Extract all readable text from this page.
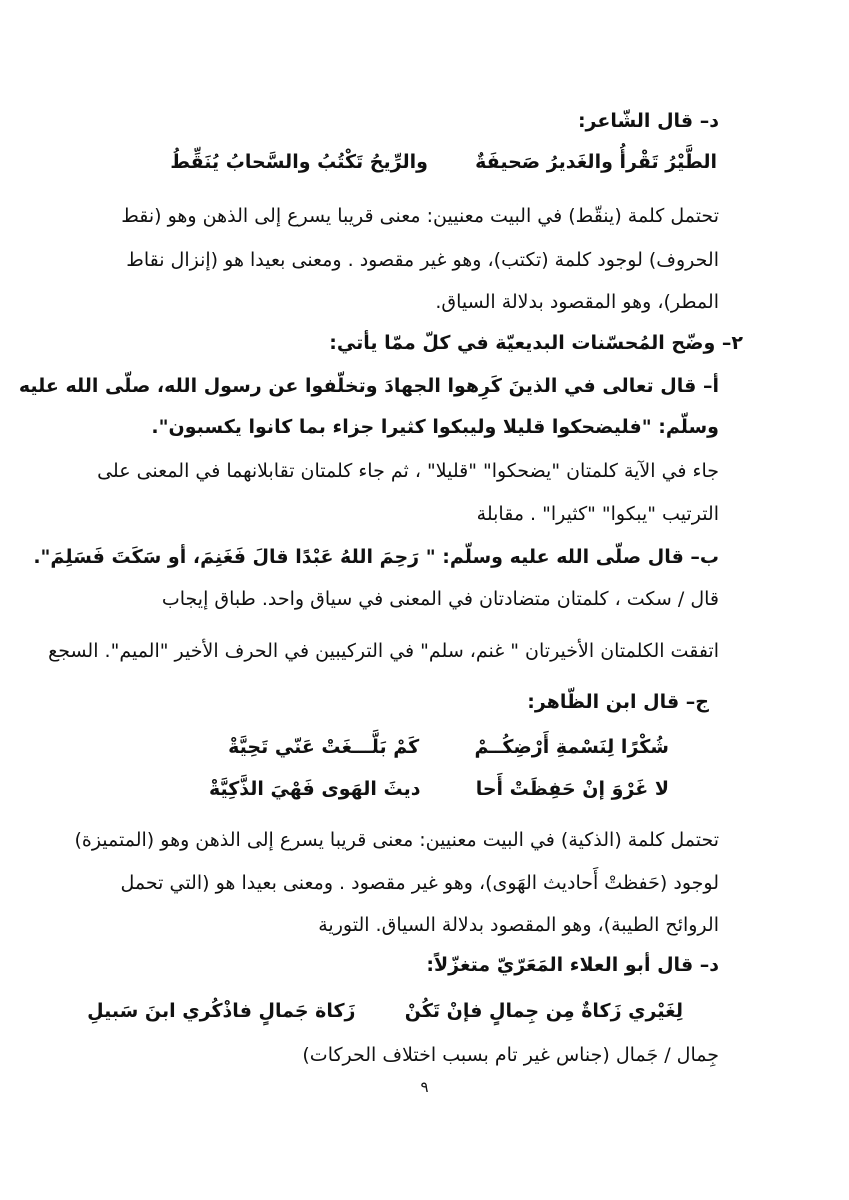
د– قال الشّاعر:
الطَّيْرُ تَقْرأُ والغَديرُ صَحيفَةٌ  والرِّيحُ تَكْتُبُ والسَّحابُ يُنَقِّطُ
تحتمل كلمة (ينقّط) في البيت معنيين: معنى قريبا يسرع إلى الذهن وهو (نقط
الحروف) لوجود كلمة (تكتب)، وهو غير مقصود . ومعنى بعيدا هو (إنزال نقاط
المطر)، وهو المقصود بدلالة السياق.
٢– وضّح المُحسّنات البديعيّة في كلّ ممّا يأتي:
أ– قال تعالى في الذينَ كَرِهوا الجهادَ وتخلّفوا عن رسول الله، صلّى الله عليه
وسلّم: "فليضحكوا قليلا وليبكوا كثيرا جزاء بما كانوا يكسبون".
جاء في الآية كلمتان "يضحكوا" "قليلا" ، ثم جاء كلمتان تقابلانهما في المعنى على
الترتيب "يبكوا" "كثيرا" . مقابلة
ب– قال صلّى الله عليه وسلّم: " رَحِمَ اللهُ عَبْدًا قالَ فَغَنِمَ، أو سَكَتَ فَسَلِمَ".
قال / سكت ، كلمتان متضادتان في المعنى في سياق واحد. طباق إيجاب
اتفقت الكلمتان الأخيرتان " غنم، سلم" في التركيبين في الحرف الأخير "الميم". السجع
ج– قال ابن الظّاهر:
شُكْرًا لِنَسْمةِ أَرْضِكُــمْ  كَمْ بَلَّـــغَتْ عَنّي تَحِيَّةْ
لا غَرْوَ إنْ حَفِظَتْ أَحا  ديثَ الهَوى فَهْيَ الذَّكِيَّةْ
تحتمل كلمة (الذكية) في البيت معنيين: معنى قريبا يسرع إلى الذهن وهو (المتميزة)
لوجود (حَفظتْ أَحاديث الهَوى)، وهو غير مقصود . ومعنى بعيدا هو (التي تحمل
الروائح الطيبة)، وهو المقصود بدلالة السياق. التورية
د– قال أبو العلاء المَعَرّيّ متغزّلاً:
لِغَيْري زَكاةٌ مِن جِمالٍ فإنْ تَكُنْ  زَكاة جَمالٍ فاذْكُري ابنَ سَبيلِ
جِمال / جَمال (جناس غير تام بسبب اختلاف الحركات)
٩
